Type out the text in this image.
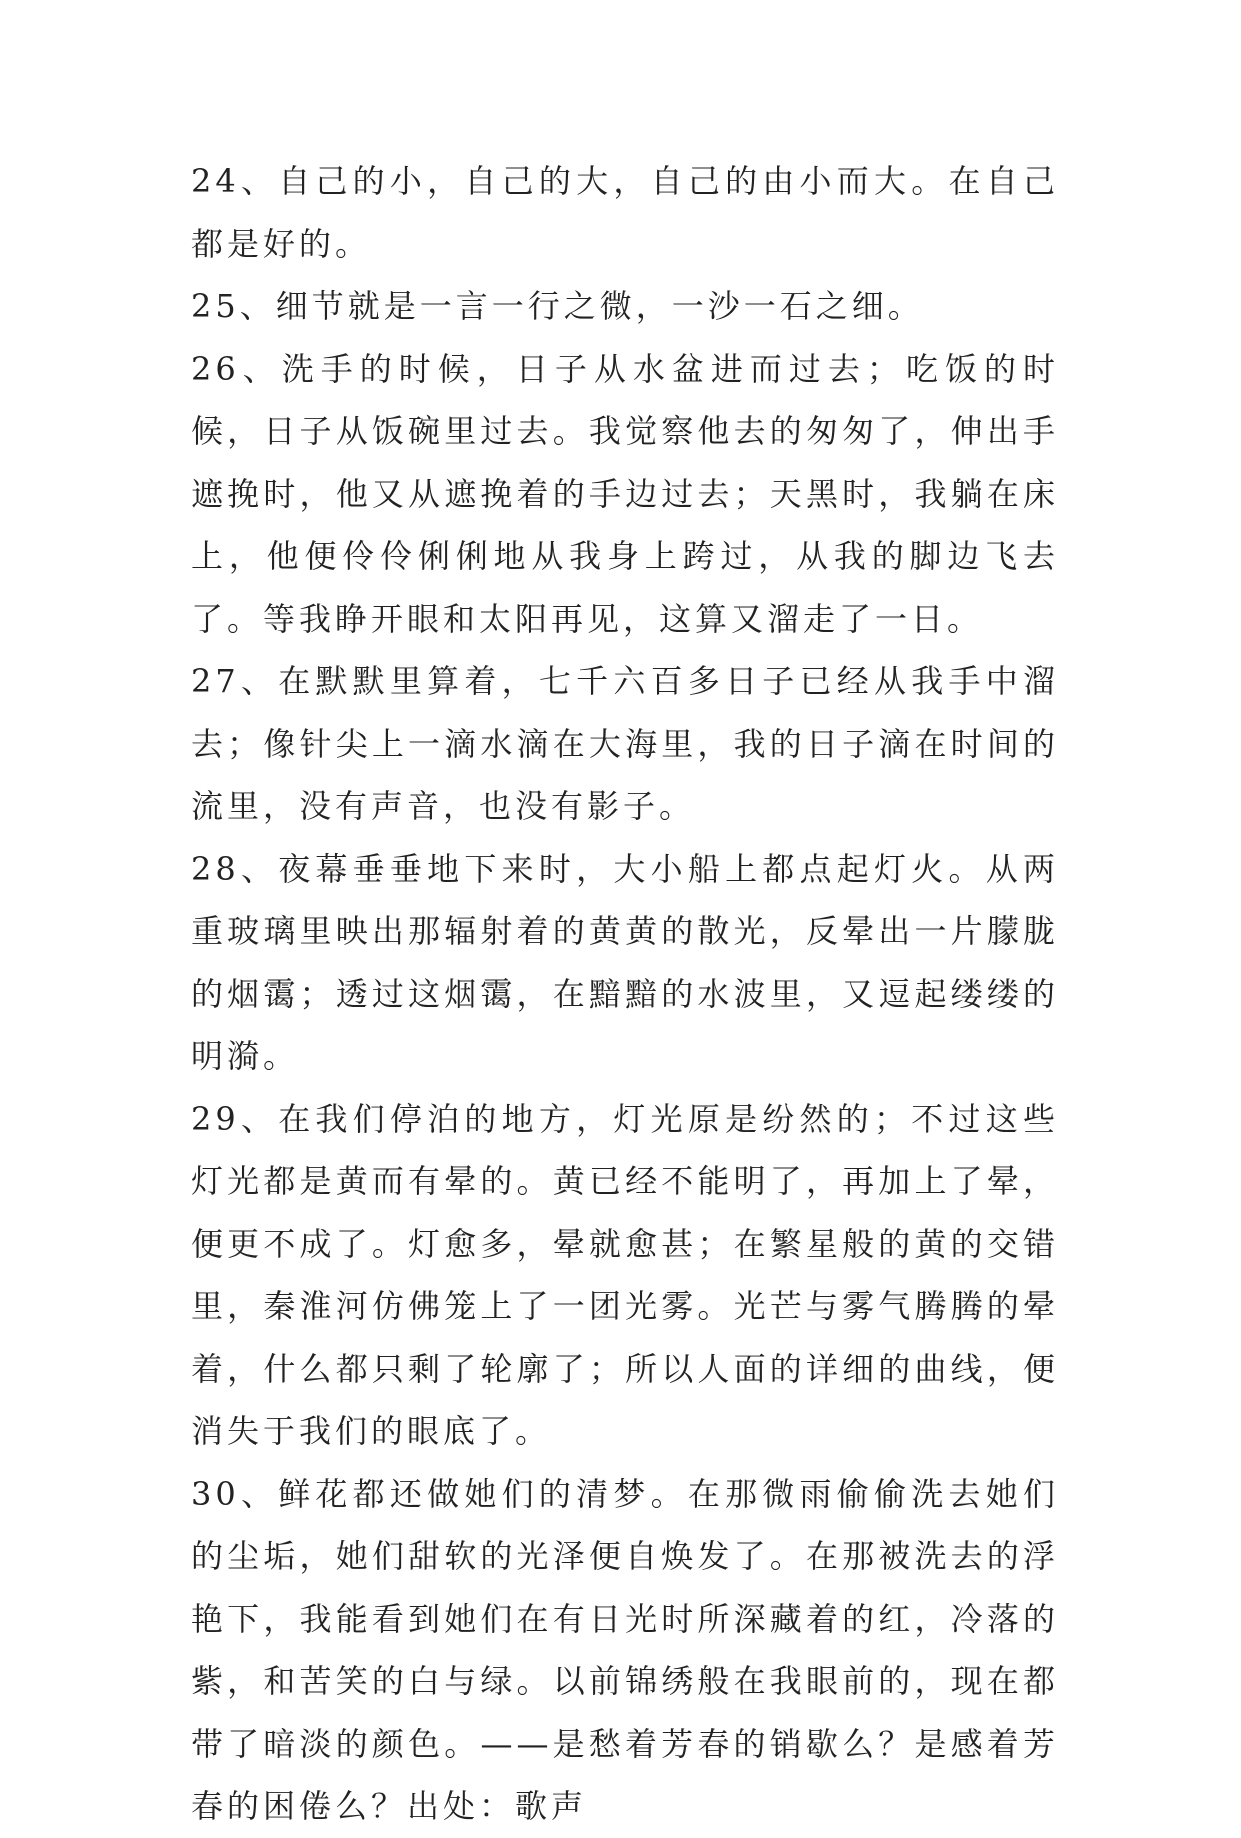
24、自己的小，自己的大，自己的由小而大。在自己都是好的。

25、细节就是一言一行之微，一沙一石之细。

26、洗手的时候，日子从水盆进而过去；吃饭的时候，日子从饭碗里过去。我觉察他去的匆匆了，伸出手遮挽时，他又从遮挽着的手边过去；天黑时，我躺在床上，他便伶伶俐俐地从我身上跨过，从我的脚边飞去了。等我睁开眼和太阳再见，这算又溜走了一日。

27、在默默里算着，七千六百多日子已经从我手中溜去；像针尖上一滴水滴在大海里，我的日子滴在时间的流里，没有声音，也没有影子。

28、夜幕垂垂地下来时，大小船上都点起灯火。从两重玻璃里映出那辐射着的黄黄的散光，反晕出一片朦胧的烟霭；透过这烟霭，在黯黯的水波里，又逗起缕缕的明漪。

29、在我们停泊的地方，灯光原是纷然的；不过这些灯光都是黄而有晕的。黄已经不能明了，再加上了晕，便更不成了。灯愈多，晕就愈甚；在繁星般的黄的交错里，秦淮河仿佛笼上了一团光雾。光芒与雾气腾腾的晕着，什么都只剩了轮廓了；所以人面的详细的曲线，便消失于我们的眼底了。

30、鲜花都还做她们的清梦。在那微雨偷偷洗去她们的尘垢，她们甜软的光泽便自焕发了。在那被洗去的浮艳下，我能看到她们在有日光时所深藏着的红，冷落的紫，和苦笑的白与绿。以前锦绣般在我眼前的，现在都带了暗淡的颜色。——是愁着芳春的销歇么？是感着芳春的困倦么？出处：歌声
